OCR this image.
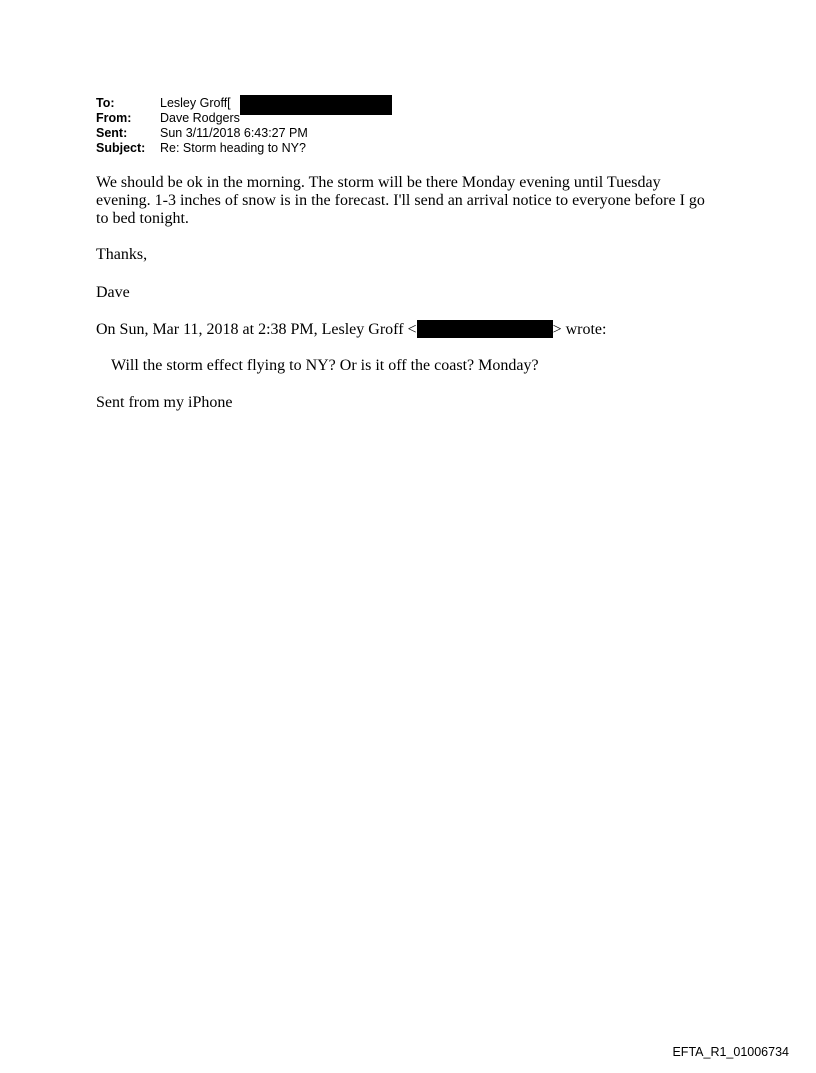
To:	Lesley Groff[
From:	Dave Rodgers
Sent:	Sun 3/11/2018 6:43:27 PM
Subject:	Re: Storm heading to NY?
We should be ok in the morning. The storm will be there Monday evening until Tuesday
evening. 1-3 inches of snow is in the forecast. I'll send an arrival notice to everyone before I go
to bed tonight.
Thanks,
Dave
On Sun, Mar 11, 2018 at 2:38 PM, Lesley Groff <	> wrote:
Will the storm effect flying to NY? Or is it off the coast? Monday?
Sent from my iPhone
EFTA_R1_01006734
